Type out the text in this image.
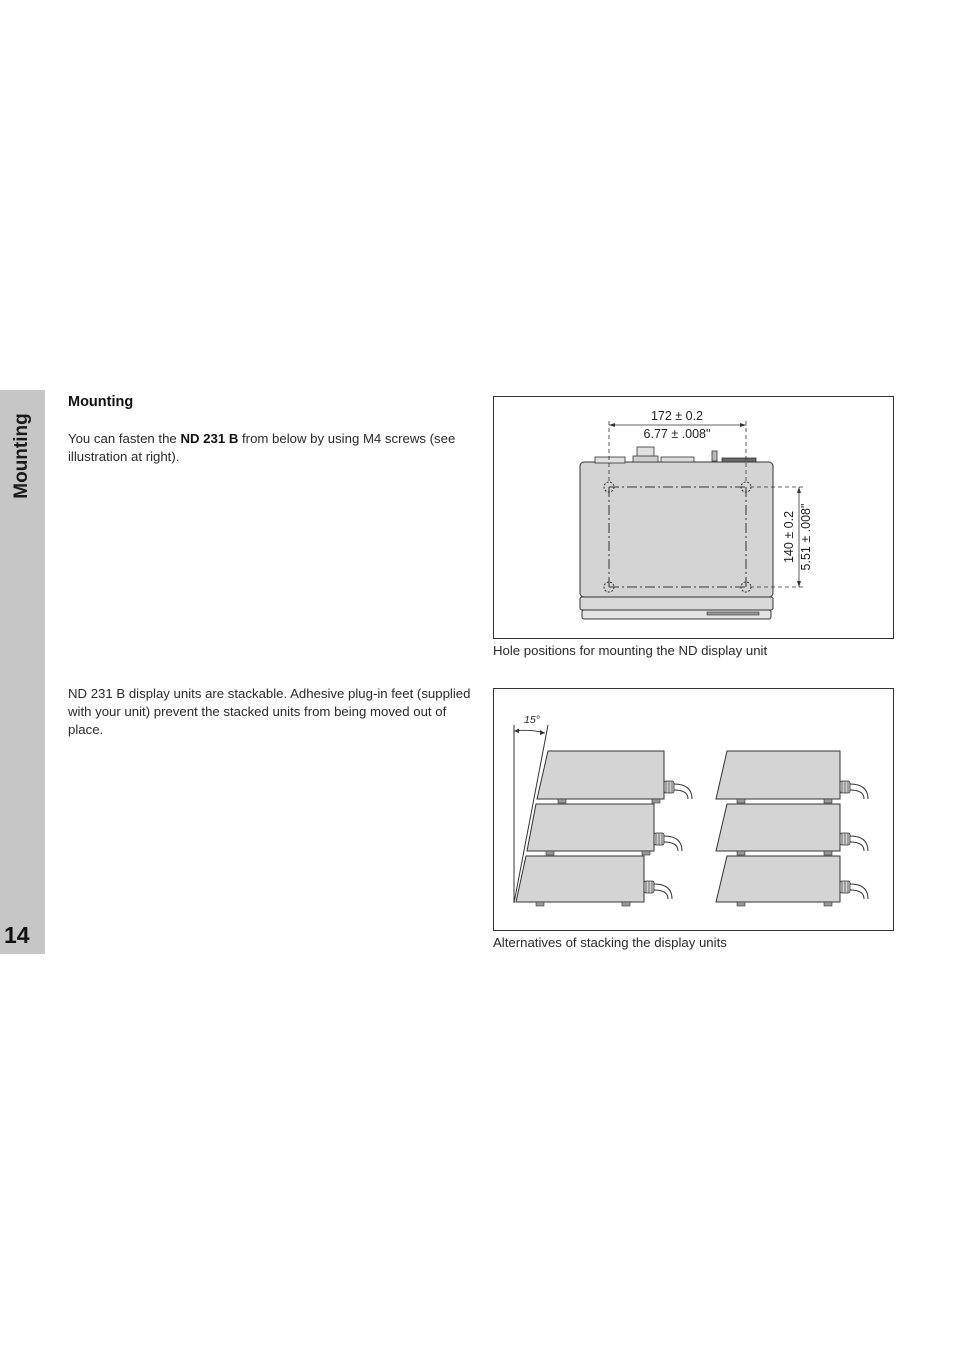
Mounting
14
Mounting
You can fasten the ND 231 B from below by using M4 screws (see illustration at right).
ND 231 B display units are stackable. Adhesive plug-in feet (supplied with your unit) prevent the stacked units from being moved out of place.
172 ± 0.2
6.77 ± .008"
140 ± 0.2 5.51 ± .008"
Hole positions for mounting the ND display unit
15°
Alternatives of stacking the display units
